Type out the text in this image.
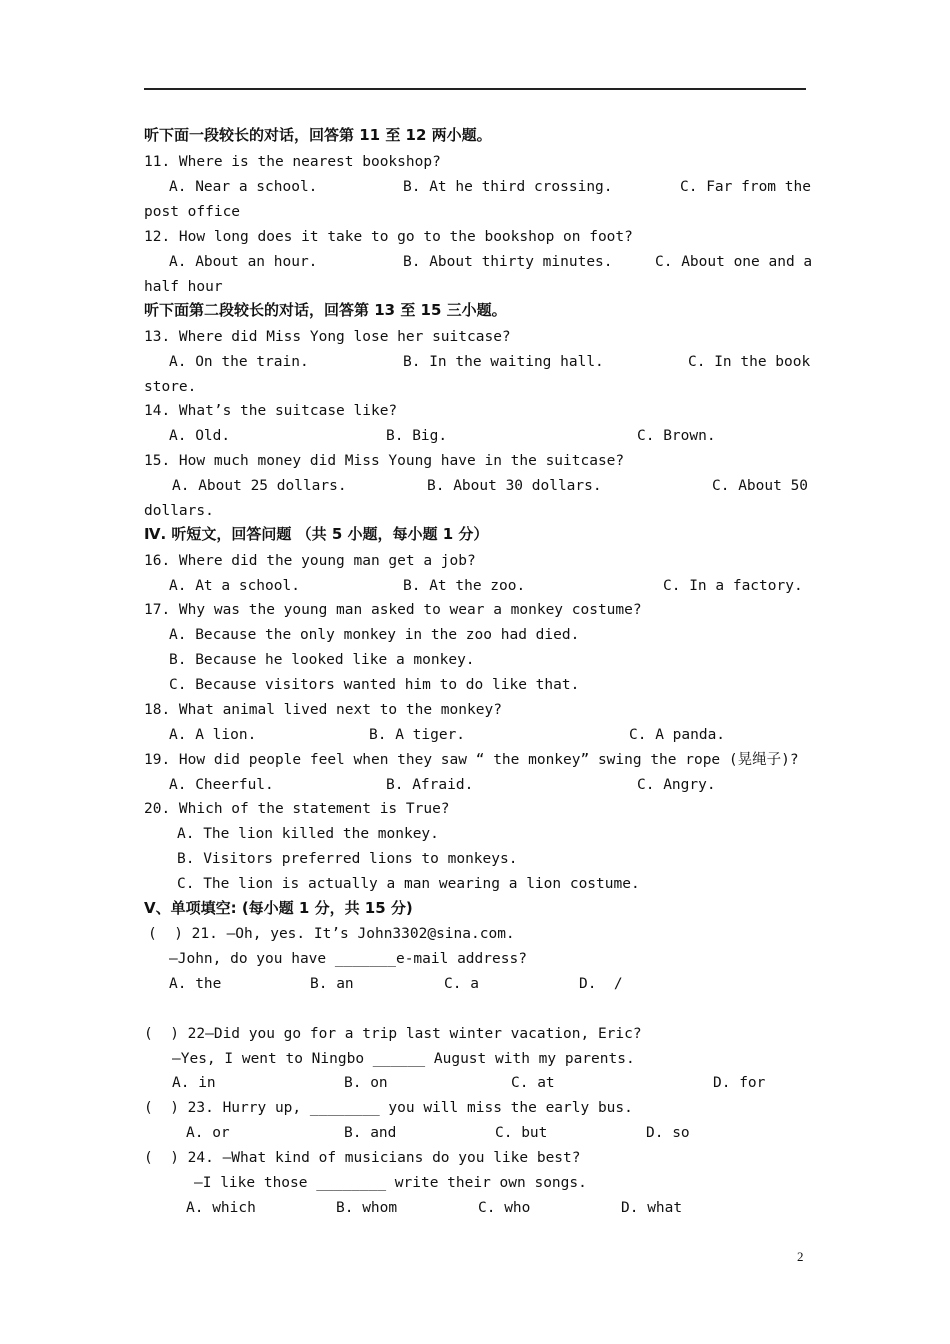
听下面一段较长的对话，回答第 11 至 12 两小题。
11. Where is the nearest bookshop?
A. Near a school.	B. At he third crossing.	C. Far from the
post office
12. How long does it take to go to the bookshop on foot?
A. About an hour.	B. About thirty minutes.	C. About one and a
half hour
听下面第二段较长的对话，回答第 13 至 15 三小题。
13. Where did Miss Yong lose her suitcase?
A. On the train.	B. In the waiting hall.	C. In the book
store.
14. What’s the suitcase like?
A. Old.	B. Big.	C. Brown.
15. How much money did Miss Young have in the suitcase?
A. About 25 dollars.	B. About 30 dollars.	C. About 50
dollars.
Ⅳ. 听短文，回答问题 （共 5 小题，每小题 1 分）
16. Where did the young man get a job?
A. At a school.	B. At the zoo.	C. In a factory.
17. Why was the young man asked to wear a monkey costume?
A. Because the only monkey in the zoo had died.
B. Because he looked like a monkey.
C. Because visitors wanted him to do like that.
18. What animal lived next to the monkey?
A. A lion.	B. A tiger.	C. A panda.
19. How did people feel when they saw “ the monkey” swing the rope (晃绳子)?
A. Cheerful.	B. Afraid.	C. Angry.
20. Which of the statement is True?
A. The lion killed the monkey.
B. Visitors preferred lions to monkeys.
C. The lion is actually a man wearing a lion costume.
Ⅴ、单项填空: (每小题 1 分，共 15 分)
(  ) 21. —Oh, yes. It’s John3302@sina.com.
—John, do you have _______e-mail address?
A. the	B. an	C. a	D.  /
(  ) 22—Did you go for a trip last winter vacation, Eric?
—Yes, I went to Ningbo ______ August with my parents.
A. in	B. on	C. at	D. for
(  ) 23. Hurry up, ________ you will miss the early bus.
A. or	B. and	C. but	D. so
(  ) 24. —What kind of musicians do you like best?
—I like those ________ write their own songs.
A. which	B. whom	C. who	D. what
2
